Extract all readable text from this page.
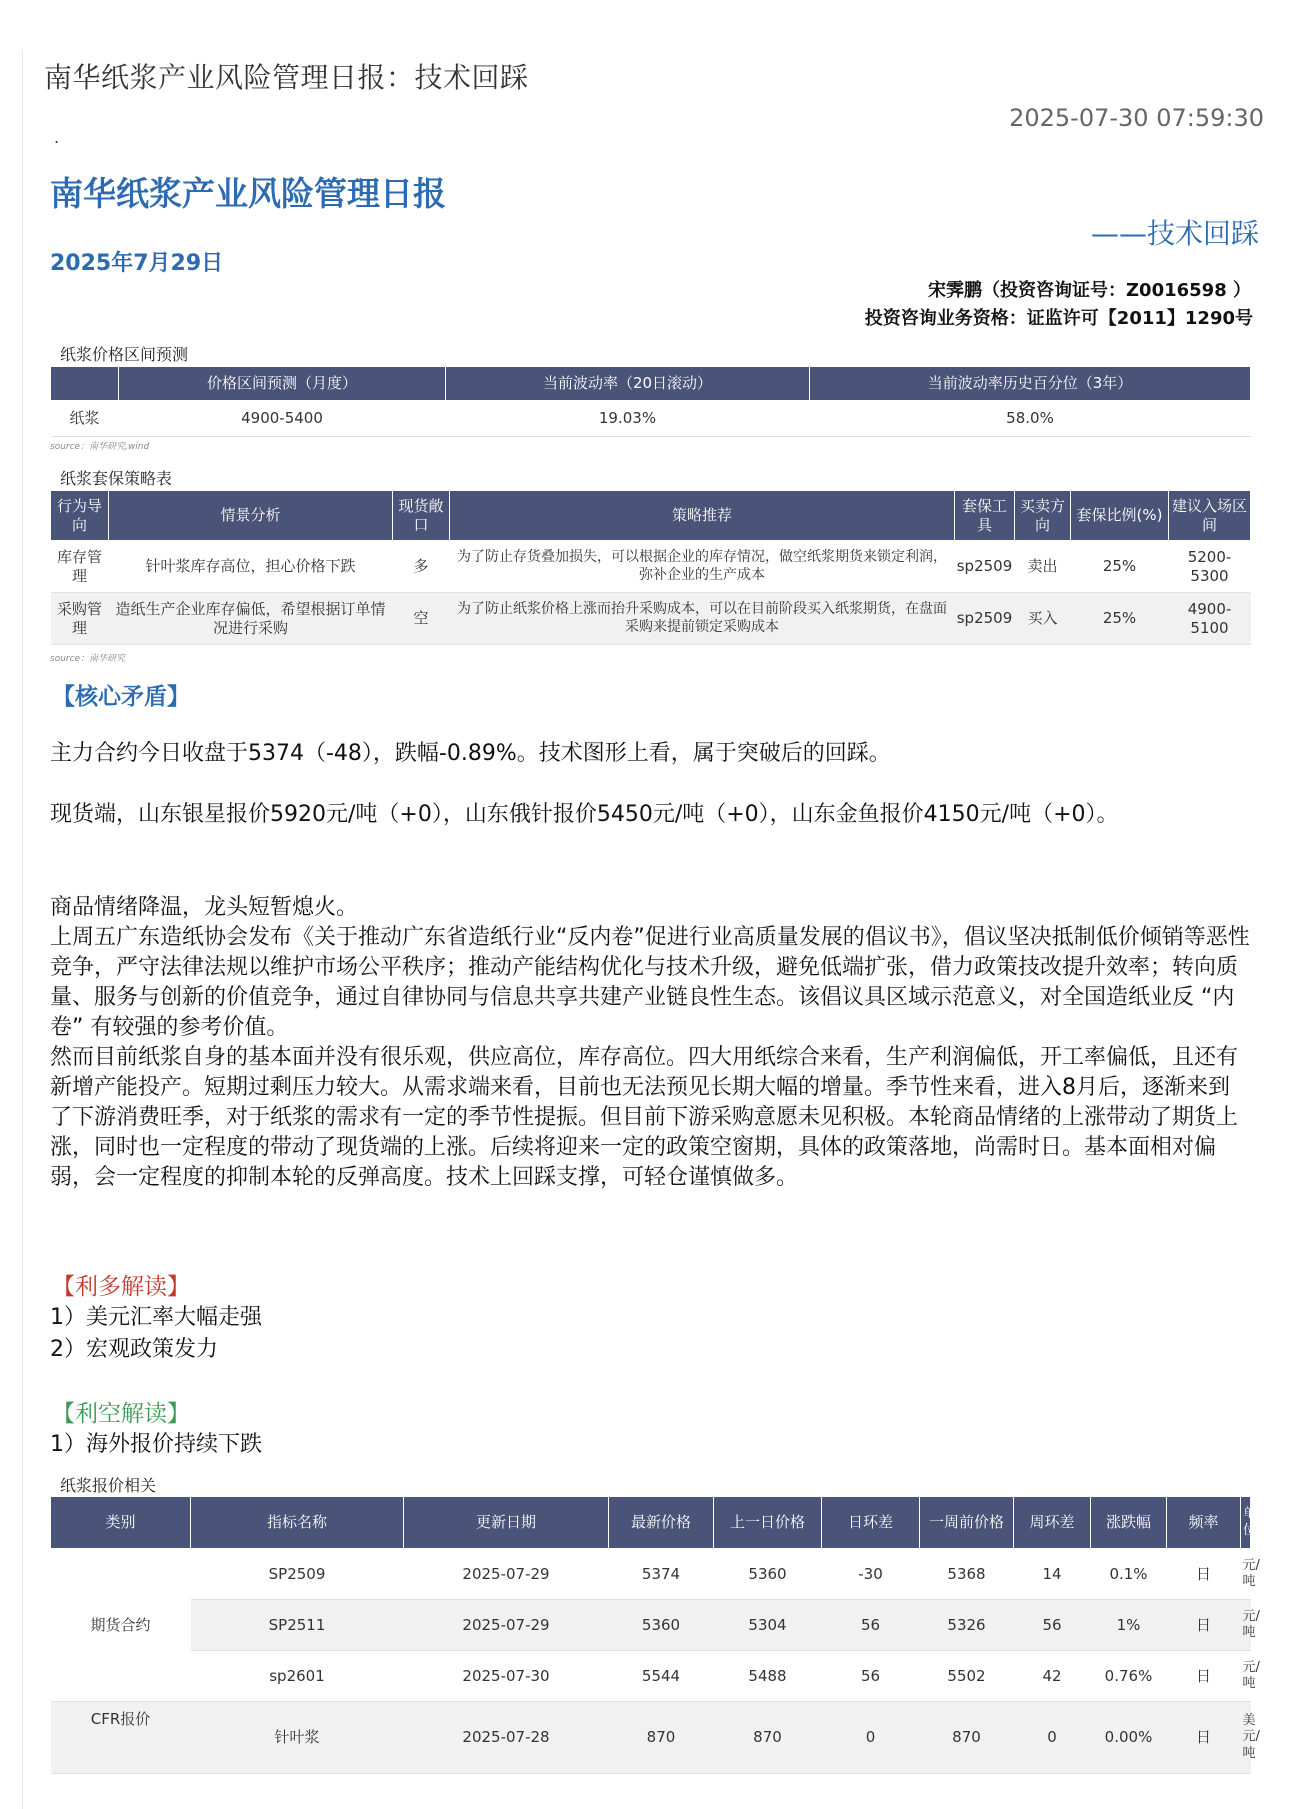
南华纸浆产业风险管理日报：技术回踩
2025-07-30 07:59:30
.
南华纸浆产业风险管理日报
——技术回踩
2025年7月29日
宋霁鹏（投资咨询证号：Z0016598 ）
投资咨询业务资格：证监许可【2011】1290号
纸浆价格区间预测
	价格区间预测（月度）	当前波动率（20日滚动）	当前波动率历史百分位（3年）
纸浆	4900-5400	19.03%	58.0%
source：南华研究,wind
纸浆套保策略表
行为导向	情景分析	现货敞口	策略推荐	套保工具	买卖方向	套保比例(%)	建议入场区间
库存管理	针叶浆库存高位，担心价格下跌	多	为了防止存货叠加损失，可以根据企业的库存情况，做空纸浆期货来锁定利润，弥补企业的生产成本	sp2509	卖出	25%	5200-5300
采购管理	造纸生产企业库存偏低，希望根据订单情况进行采购	空	为了防止纸浆价格上涨而抬升采购成本，可以在目前阶段买入纸浆期货，在盘面采购来提前锁定采购成本	sp2509	买入	25%	4900-5100
source：南华研究
【核心矛盾】

主力合约今日收盘于5374（-48），跌幅-0.89%。技术图形上看，属于突破后的回踩。

现货端，山东银星报价5920元/吨（+0），山东俄针报价5450元/吨（+0），山东金鱼报价4150元/吨（+0）。

商品情绪降温，龙头短暂熄火。

上周五广东造纸协会发布《关于推动广东省造纸行业“反内卷”促进行业高质量发展的倡议书》，倡议坚决抵制低价倾销等恶性竞争，严守法律法规以维护市场公平秩序；推动产能结构优化与技术升级，避免低端扩张，借力政策技改提升效率；转向质量、服务与创新的价值竞争，通过自律协同与信息共享共建产业链良性生态。该倡议具区域示范意义，对全国造纸业反 “内卷” 有较强的参考价值。

然而目前纸浆自身的基本面并没有很乐观，供应高位，库存高位。四大用纸综合来看，生产利润偏低，开工率偏低，且还有新增产能投产。短期过剩压力较大。从需求端来看，目前也无法预见长期大幅的增量。季节性来看，进入8月后，逐渐来到了下游消费旺季，对于纸浆的需求有一定的季节性提振。但目前下游采购意愿未见积极。本轮商品情绪的上涨带动了期货上涨，同时也一定程度的带动了现货端的上涨。后续将迎来一定的政策空窗期，具体的政策落地，尚需时日。基本面相对偏弱，会一定程度的抑制本轮的反弹高度。技术上回踩支撑，可轻仓谨慎做多。

【利多解读】
1）美元汇率大幅走强
2）宏观政策发力
【利空解读】
1）海外报价持续下跌
纸浆报价相关
类别	指标名称	更新日期	最新价格	上一日价格	日环差	一周前价格	周环差	涨跌幅	频率	单位
期货合约	SP2509	2025-07-29	5374	5360	-30	5368	14	0.1%	日	元/吨
	SP2511	2025-07-29	5360	5304	56	5326	56	1%	日	元/吨
	sp2601	2025-07-30	5544	5488	56	5502	42	0.76%	日	元/吨
CFR报价	针叶浆	2025-07-28	870	870	0	870	0	0.00%	日	美元/吨
